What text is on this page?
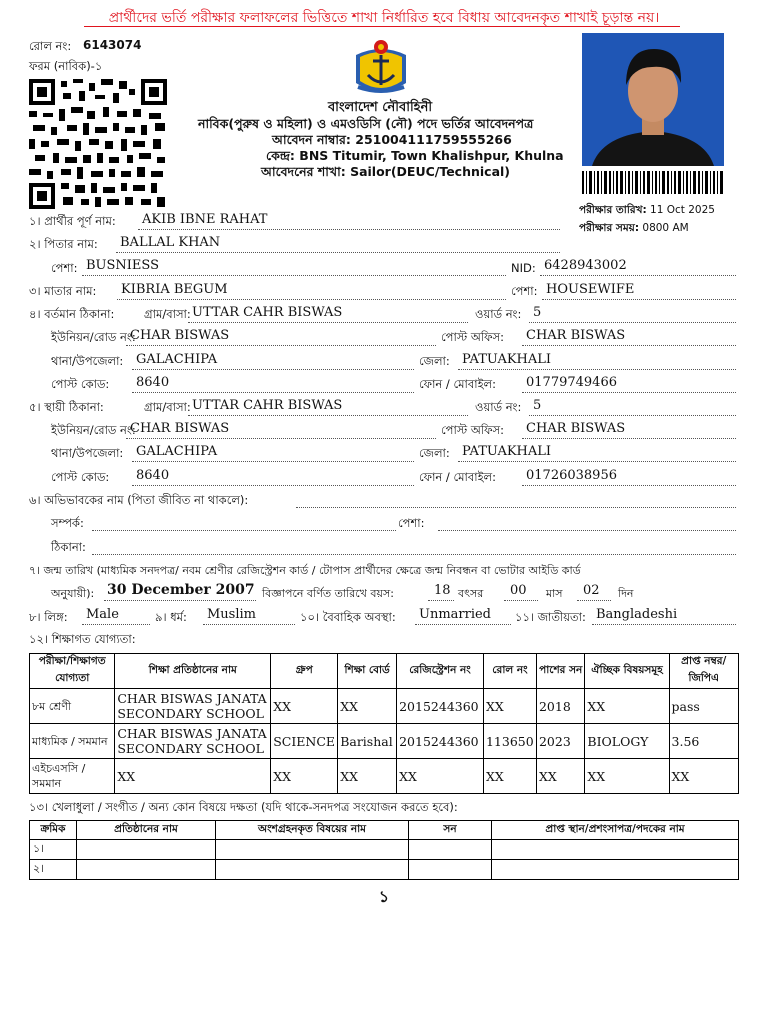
প্রার্থীদের ভর্তি পরীক্ষার ফলাফলের ভিত্তিতে শাখা নির্ধারিত হবে বিধায় আবেদনকৃত শাখাই চূড়ান্ত নয়।
রোল নং: 6143074
ফরম (নাবিক)-১
বাংলাদেশ নৌবাহিনী
নাবিক(পুরুষ ও মহিলা) ও এমওডিসি (নৌ) পদে ভর্তির আবেদনপত্র
আবেদন নাম্বার: 251004111759555266
কেন্দ্র: BNS Titumir, Town Khalishpur, Khulna
আবেদনের শাখা: Sailor(DEUC/Technical)
পরীক্ষার তারিখ: 11 Oct 2025
পরীক্ষার সময়: 0800 AM
১। প্রার্থীর পূর্ণ নাম: AKIB IBNE RAHAT
২। পিতার নাম: BALLAL KHAN
পেশা: BUSNIESS	NID: 6428943002
৩। মাতার নাম: KIBRIA BEGUM	পেশা: HOUSEWIFE
৪। বর্তমান ঠিকানা:	গ্রাম/বাসা: UTTAR CAHR BISWAS	ওয়ার্ড নং: 5
ইউনিয়ন/রোড নং:
CHAR BISWAS	পোস্ট অফিস: CHAR BISWAS
থানা/উপজেলা: GALACHIPA	জেলা: PATUAKHALI
পোস্ট কোড: 8640	ফোন / মোবাইল: 01779749466
৫। স্থায়ী ঠিকানা:	গ্রাম/বাসা: UTTAR CAHR BISWAS	ওয়ার্ড নং: 5
ইউনিয়ন/রোড নং:
CHAR BISWAS	পোস্ট অফিস: CHAR BISWAS
থানা/উপজেলা: GALACHIPA	জেলা: PATUAKHALI
পোস্ট কোড: 8640	ফোন / মোবাইল: 01726038956
৬। অভিভাবকের নাম (পিতা জীবিত না থাকলে):
সম্পর্ক:	পেশা:
ঠিকানা:
৭। জন্ম তারিখ (মাধ্যমিক সনদপত্র/ নবম শ্রেণীর রেজিস্ট্রেশন কার্ড / টোপাস প্রার্থীদের ক্ষেত্রে জন্ম নিবন্ধন বা ভোটার আইডি কার্ড
অনুযায়ী): 30 December 2007 বিজ্ঞাপনে বর্ণিত তারিখে বয়স:	18 বৎসর 00 মাস 02 দিন
৮। লিঙ্গ: Male	৯। ধর্ম: Muslim	১০। বৈবাহিক অবস্থা: Unmarried ১১। জাতীয়তা: Bangladeshi
১২। শিক্ষাগত যোগ্যতা:
পরীক্ষা/শিক্ষাগত যোগ্যতা	শিক্ষা প্রতিষ্ঠানের নাম	গ্রুপ	শিক্ষা বোর্ড	রেজিস্ট্রেশন নং	রোল নং	পাশের সন	ঐচ্ছিক বিষয়সমূহ	প্রাপ্ত নম্বর/জিপিএ
৮ম শ্রেণী	CHAR BISWAS JANATA SECONDARY SCHOOL	XX	XX	2015244360	XX	2018	XX	pass
মাধ্যমিক / সমমান	CHAR BISWAS JANATA SECONDARY SCHOOL	SCIENCE	Barishal	2015244360	113650	2023	BIOLOGY	3.56
এইচএসসি / সমমান	XX	XX	XX	XX	XX	XX	XX	XX
১৩। খেলাধুলা / সংগীত / অন্য কোন বিষয়ে দক্ষতা (যদি থাকে-সনদপত্র সংযোজন করতে হবে):
ক্রমিক	প্রতিষ্ঠানের নাম	অংশগ্রহনকৃত বিষয়ের নাম	সন	প্রাপ্ত স্থান/প্রশংসাপত্র/পদকের নাম
১।				
২।				
১
